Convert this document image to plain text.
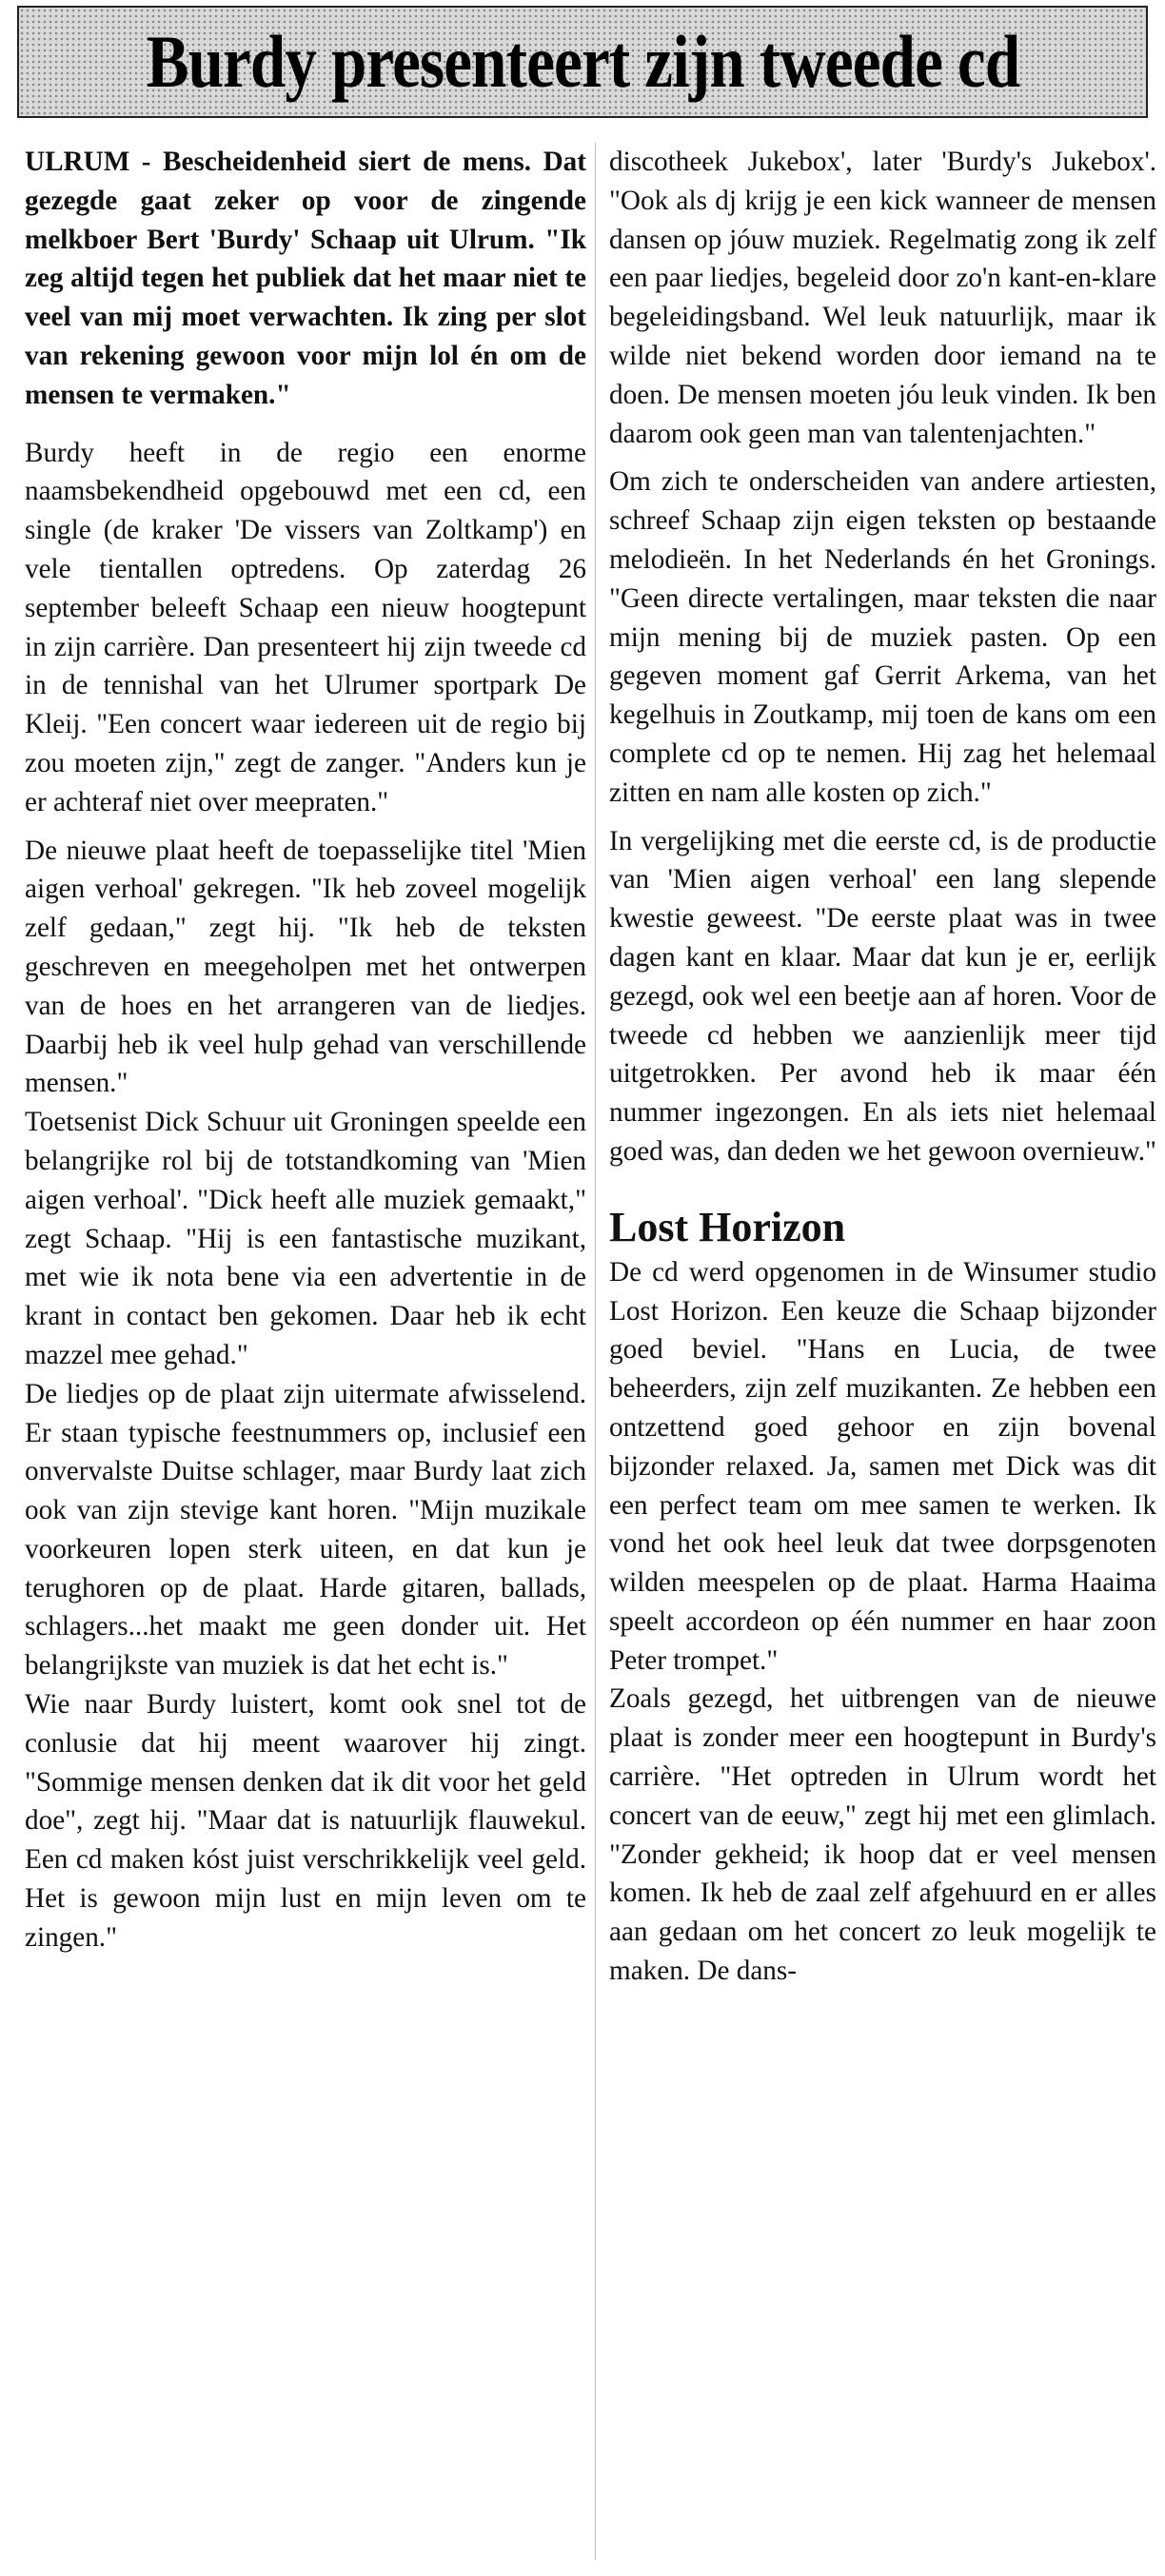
Burdy presenteert zijn tweede cd

ULRUM - Bescheidenheid siert de mens. Dat gezegde gaat zeker op voor de zingende melkboer Bert 'Burdy' Schaap uit Ulrum. "Ik zeg altijd tegen het publiek dat het maar niet te veel van mij moet verwachten. Ik zing per slot van rekening gewoon voor mijn lol én om de mensen te vermaken."

Burdy heeft in de regio een enorme naamsbekendheid opgebouwd met een cd, een single (de kraker 'De vissers van Zoltkamp') en vele tientallen optredens. Op zaterdag 26 september beleeft Schaap een nieuw hoogtepunt in zijn carrière. Dan presenteert hij zijn tweede cd in de tennishal van het Ulrumer sportpark De Kleij. "Een concert waar iedereen uit de regio bij zou moeten zijn," zegt de zanger. "Anders kun je er achteraf niet over meepraten."

De nieuwe plaat heeft de toepasselijke titel 'Mien aigen verhoal' gekregen. "Ik heb zoveel mogelijk zelf gedaan," zegt hij. "Ik heb de teksten geschreven en meegeholpen met het ontwerpen van de hoes en het arrangeren van de liedjes. Daarbij heb ik veel hulp gehad van verschillende mensen."

Toetsenist Dick Schuur uit Groningen speelde een belangrijke rol bij de totstandkoming van 'Mien aigen verhoal'. "Dick heeft alle muziek gemaakt," zegt Schaap. "Hij is een fantastische muzikant, met wie ik nota bene via een advertentie in de krant in contact ben gekomen. Daar heb ik echt mazzel mee gehad."

De liedjes op de plaat zijn uitermate afwisselend. Er staan typische feestnummers op, inclusief een onvervalste Duitse schlager, maar Burdy laat zich ook van zijn stevige kant horen. "Mijn muzikale voorkeuren lopen sterk uiteen, en dat kun je terughoren op de plaat. Harde gitaren, ballads, schlagers...het maakt me geen donder uit. Het belangrijkste van muziek is dat het echt is."

Wie naar Burdy luistert, komt ook snel tot de conlusie dat hij meent waarover hij zingt. "Sommige mensen denken dat ik dit voor het geld doe", zegt hij. "Maar dat is natuurlijk flauwekul. Een cd maken kóst juist verschrikkelijk veel geld. Het is gewoon mijn lust en mijn leven om te zingen."

discotheek Jukebox', later 'Burdy's Jukebox'. "Ook als dj krijg je een kick wanneer de mensen dansen op jóuw muziek. Regelmatig zong ik zelf een paar liedjes, begeleid door zo'n kant-en-klare begeleidingsband. Wel leuk natuurlijk, maar ik wilde niet bekend worden door iemand na te doen. De mensen moeten jóu leuk vinden. Ik ben daarom ook geen man van talentenjachten."

Om zich te onderscheiden van andere artiesten, schreef Schaap zijn eigen teksten op bestaande melodieën. In het Nederlands én het Gronings. "Geen directe vertalingen, maar teksten die naar mijn mening bij de muziek pasten. Op een gegeven moment gaf Gerrit Arkema, van het kegelhuis in Zoutkamp, mij toen de kans om een complete cd op te nemen. Hij zag het helemaal zitten en nam alle kosten op zich."

In vergelijking met die eerste cd, is de productie van 'Mien aigen verhoal' een lang slepende kwestie geweest. "De eerste plaat was in twee dagen kant en klaar. Maar dat kun je er, eerlijk gezegd, ook wel een beetje aan af horen. Voor de tweede cd hebben we aanzienlijk meer tijd uitgetrokken. Per avond heb ik maar één nummer ingezongen. En als iets niet helemaal goed was, dan deden we het gewoon overnieuw."

Lost Horizon

De cd werd opgenomen in de Winsumer studio Lost Horizon. Een keuze die Schaap bijzonder goed beviel. "Hans en Lucia, de twee beheerders, zijn zelf muzikanten. Ze hebben een ontzettend goed gehoor en zijn bovenal bijzonder relaxed. Ja, samen met Dick was dit een perfect team om mee samen te werken. Ik vond het ook heel leuk dat twee dorpsgenoten wilden meespelen op de plaat. Harma Haaima speelt accordeon op één nummer en haar zoon Peter trompet."

Zoals gezegd, het uitbrengen van de nieuwe plaat is zonder meer een hoogtepunt in Burdy's carrière. "Het optreden in Ulrum wordt het concert van de eeuw," zegt hij met een glimlach. "Zonder gekheid; ik hoop dat er veel mensen komen. Ik heb de zaal zelf afgehuurd en er alles aan gedaan om het concert zo leuk mogelijk te maken. De dans-
